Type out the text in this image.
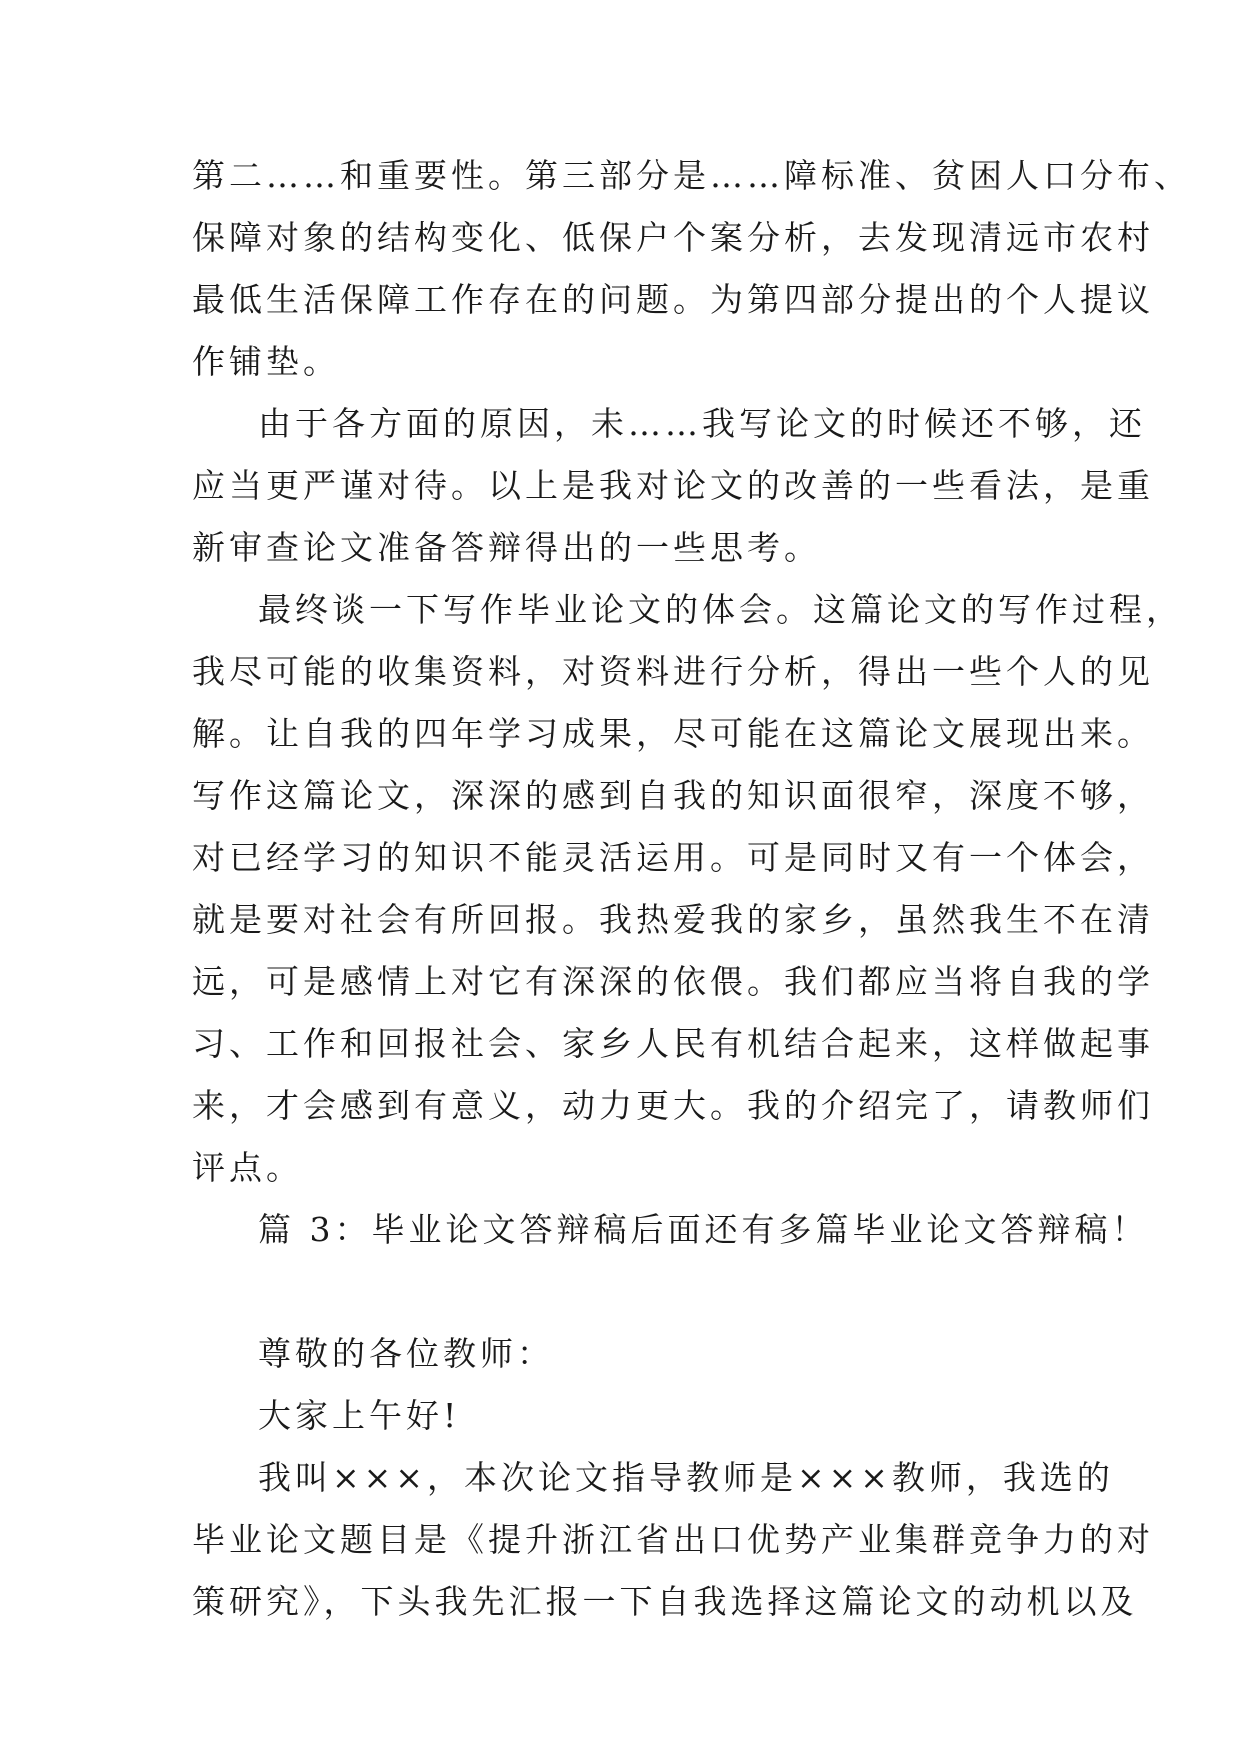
第二……和重要性。第三部分是……障标准、贫困人口分布、
保障对象的结构变化、低保户个案分析，去发现清远市农村
最低生活保障工作存在的问题。为第四部分提出的个人提议
作铺垫。
由于各方面的原因，未……我写论文的时候还不够，还
应当更严谨对待。以上是我对论文的改善的一些看法，是重
新审查论文准备答辩得出的一些思考。
最终谈一下写作毕业论文的体会。这篇论文的写作过程，
我尽可能的收集资料，对资料进行分析，得出一些个人的见
解。让自我的四年学习成果，尽可能在这篇论文展现出来。
写作这篇论文，深深的感到自我的知识面很窄，深度不够，
对已经学习的知识不能灵活运用。可是同时又有一个体会，
就是要对社会有所回报。我热爱我的家乡，虽然我生不在清
远，可是感情上对它有深深的依偎。我们都应当将自我的学
习、工作和回报社会、家乡人民有机结合起来，这样做起事
来，才会感到有意义，动力更大。我的介绍完了，请教师们
评点。
篇 3：毕业论文答辩稿后面还有多篇毕业论文答辩稿！
尊敬的各位教师：
大家上午好!
我叫×××，本次论文指导教师是×××教师，我选的
毕业论文题目是《提升浙江省出口优势产业集群竞争力的对
策研究》，下头我先汇报一下自我选择这篇论文的动机以及
